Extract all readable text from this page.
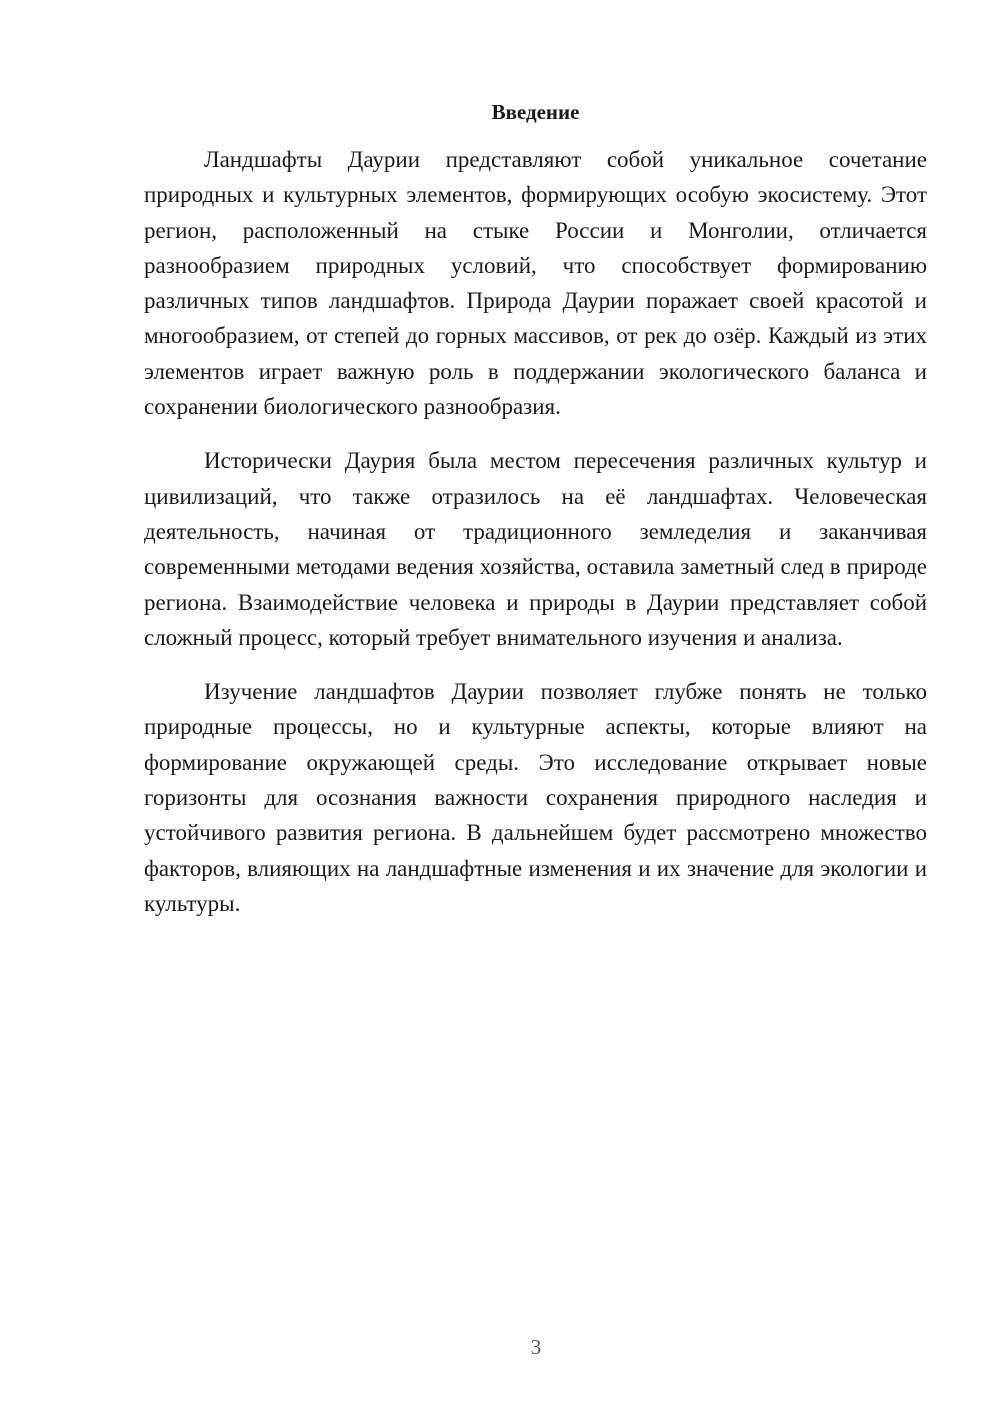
Введение

Ландшафты Даурии представляют собой уникальное сочетание природных и культурных элементов, формирующих особую экосистему. Этот регион, расположенный на стыке России и Монголии, отличается разнообразием природных условий, что способствует формированию различных типов ландшафтов. Природа Даурии поражает своей красотой и многообразием, от степей до горных массивов, от рек до озёр. Каждый из этих элементов играет важную роль в поддержании экологического баланса и сохранении биологического разнообразия.

Исторически Даурия была местом пересечения различных культур и цивилизаций, что также отразилось на её ландшафтах. Человеческая деятельность, начиная от традиционного земледелия и заканчивая современными методами ведения хозяйства, оставила заметный след в природе региона. Взаимодействие человека и природы в Даурии представляет собой сложный процесс, который требует внимательного изучения и анализа.

Изучение ландшафтов Даурии позволяет глубже понять не только природные процессы, но и культурные аспекты, которые влияют на формирование окружающей среды. Это исследование открывает новые горизонты для осознания важности сохранения природного наследия и устойчивого развития региона. В дальнейшем будет рассмотрено множество факторов, влияющих на ландшафтные изменения и их значение для экологии и культуры.

3
